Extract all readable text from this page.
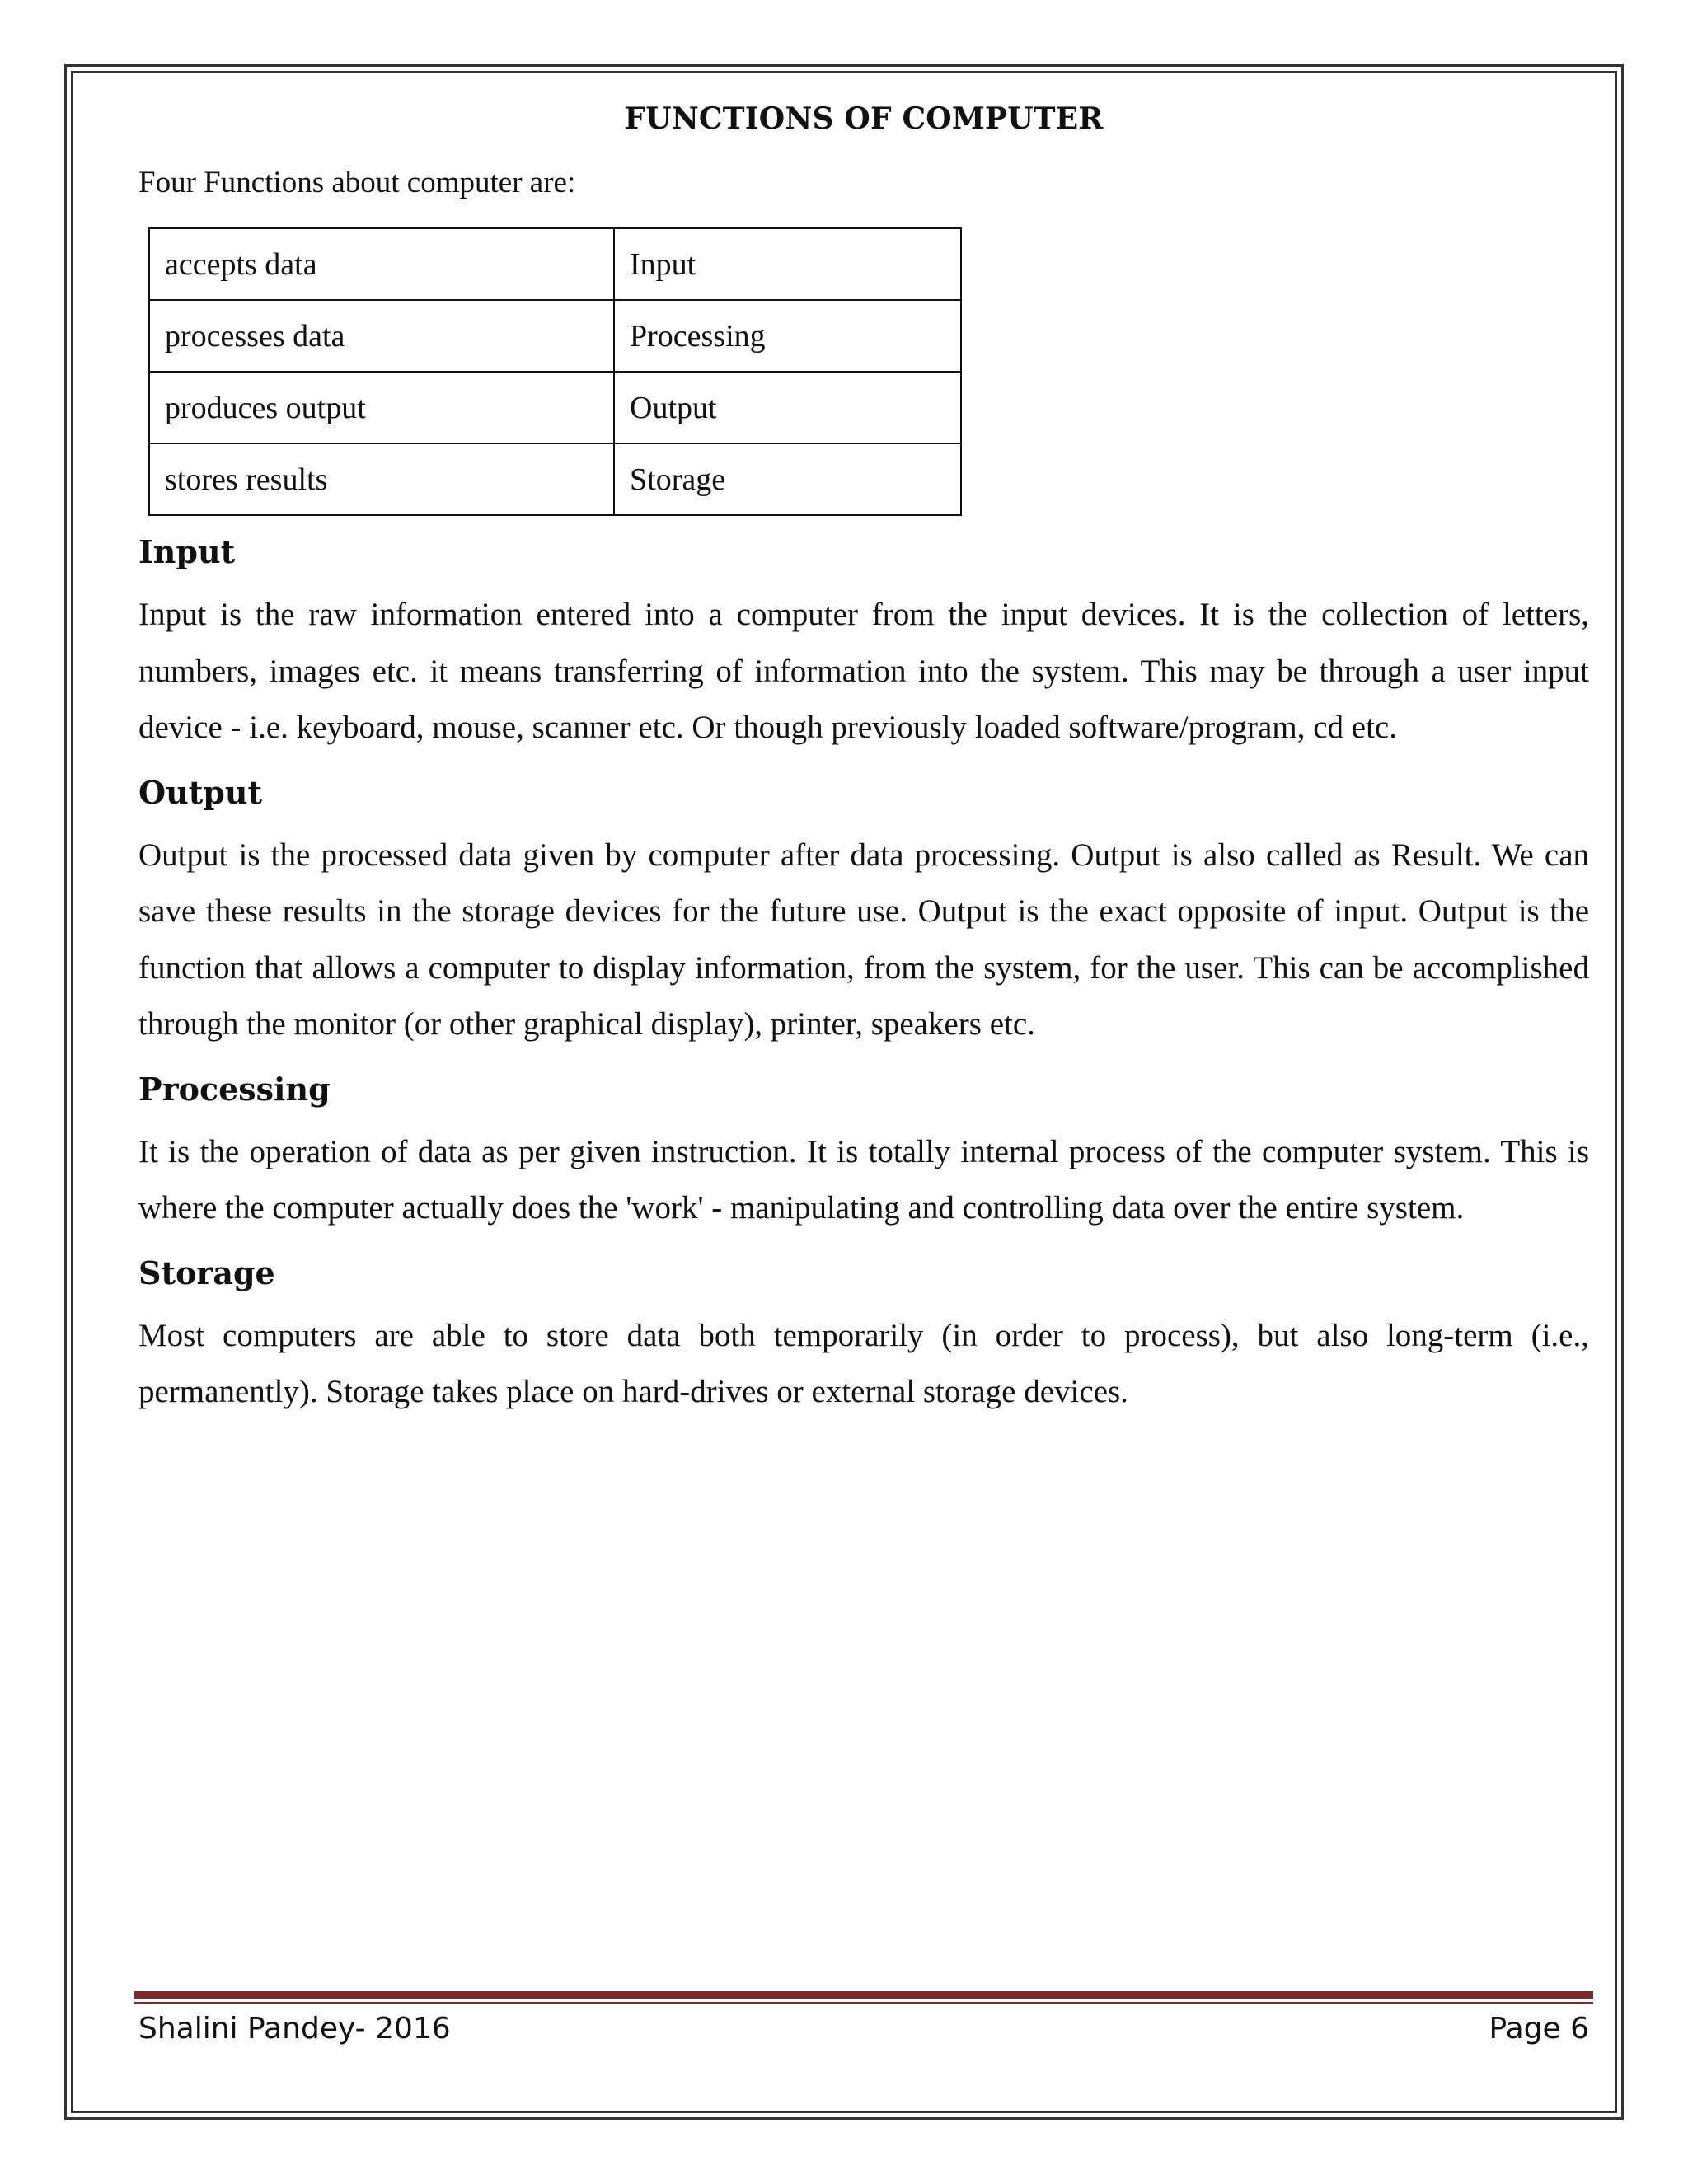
FUNCTIONS OF COMPUTER

Four Functions about computer are:

accepts data	Input
processes data	Processing
produces output	Output
stores results	Storage
Input

Input is the raw information entered into a computer from the input devices. It is the collection of letters, numbers, images etc. it means transferring of information into the system. This may be through a user input device - i.e. keyboard, mouse, scanner etc. Or though previously loaded software/program, cd etc.

Output

Output is the processed data given by computer after data processing. Output is also called as Result. We can save these results in the storage devices for the future use. Output is the exact opposite of input. Output is the function that allows a computer to display information, from the system, for the user. This can be accomplished through the monitor (or other graphical display), printer, speakers etc.

Processing

It is the operation of data as per given instruction. It is totally internal process of the computer system. This is where the computer actually does the 'work' - manipulating and controlling data over the entire system.

Storage

Most computers are able to store data both temporarily (in order to process), but also long-term (i.e., permanently). Storage takes place on hard-drives or external storage devices.

Shalini Pandey- 2016	Page 6
